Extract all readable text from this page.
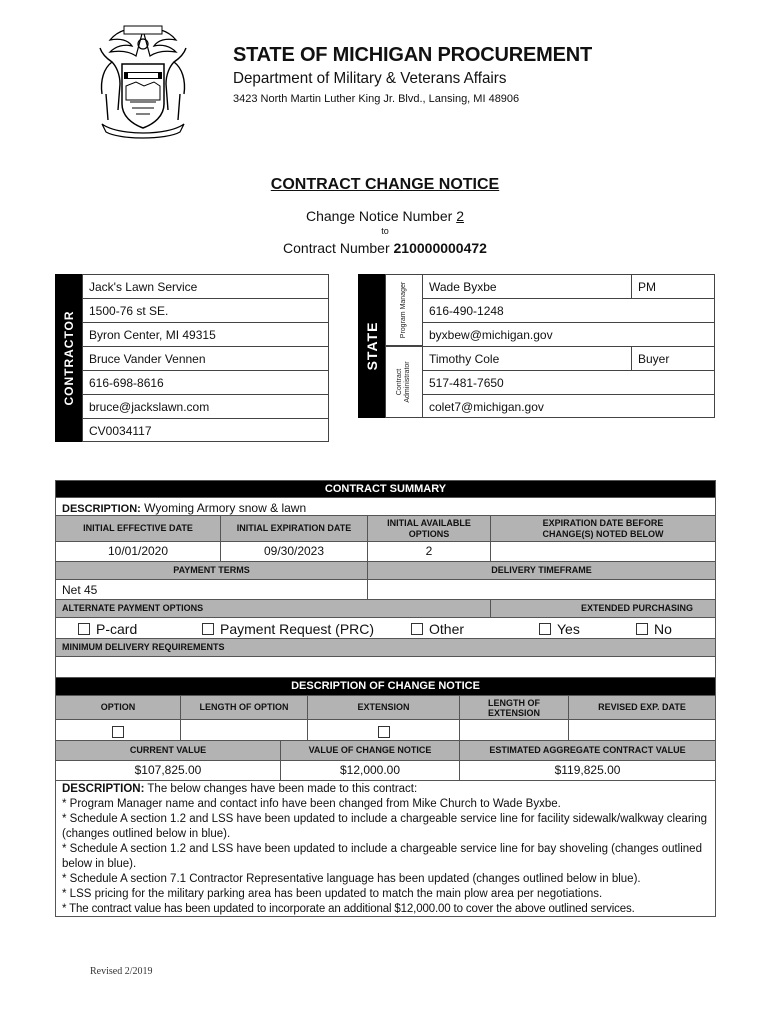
STATE OF MICHIGAN PROCUREMENT
Department of Military & Veterans Affairs
3423 North Martin Luther King Jr. Blvd., Lansing, MI 48906
CONTRACT CHANGE NOTICE
Change Notice Number 2
to
Contract Number 210000000472
CONTRACTOR
Jack's Lawn Service
1500-76 st SE.
Byron Center, MI 49315
Bruce Vander Vennen
616-698-8616
bruce@jackslawn.com
CV0034117
STATE
Program Manager
Contract Administrator
Wade Byxbe	PM
616-490-1248
byxbew@michigan.gov
Timothy Cole	Buyer
517-481-7650
colet7@michigan.gov
CONTRACT SUMMARY
DESCRIPTION: Wyoming Armory snow & lawn
INITIAL EFFECTIVE DATE	INITIAL EXPIRATION DATE	INITIAL AVAILABLE OPTIONS
EXPIRATION DATE BEFORE CHANGE(S) NOTED BELOW
10/01/2020	09/30/2023	2
PAYMENT TERMS	DELIVERY TIMEFRAME
Net 45
ALTERNATE PAYMENT OPTIONS	EXTENDED PURCHASING
P-card	Payment Request (PRC)	Other	Yes	No
MINIMUM DELIVERY REQUIREMENTS
DESCRIPTION OF CHANGE NOTICE
OPTION	LENGTH OF OPTION	EXTENSION	LENGTH OF EXTENSION
REVISED EXP. DATE
CURRENT VALUE	VALUE OF CHANGE NOTICE	ESTIMATED AGGREGATE CONTRACT VALUE
$107,825.00	$12,000.00	$119,825.00
DESCRIPTION: The below changes have been made to this contract:
* Program Manager name and contact info have been changed from Mike Church to Wade Byxbe.
* Schedule A section 1.2 and LSS have been updated to include a chargeable service line for facility sidewalk/walkway clearing (changes outlined below in blue).
* Schedule A section 1.2 and LSS have been updated to include a chargeable service line for bay shoveling (changes outlined below in blue).
* Schedule A section 7.1 Contractor Representative language has been updated (changes outlined below in blue).
* LSS pricing for the military parking area has been updated to match the main plow area per negotiations.
* The contract value has been updated to incorporate an additional $12,000.00 to cover the above outlined services.
Revised 2/2019
